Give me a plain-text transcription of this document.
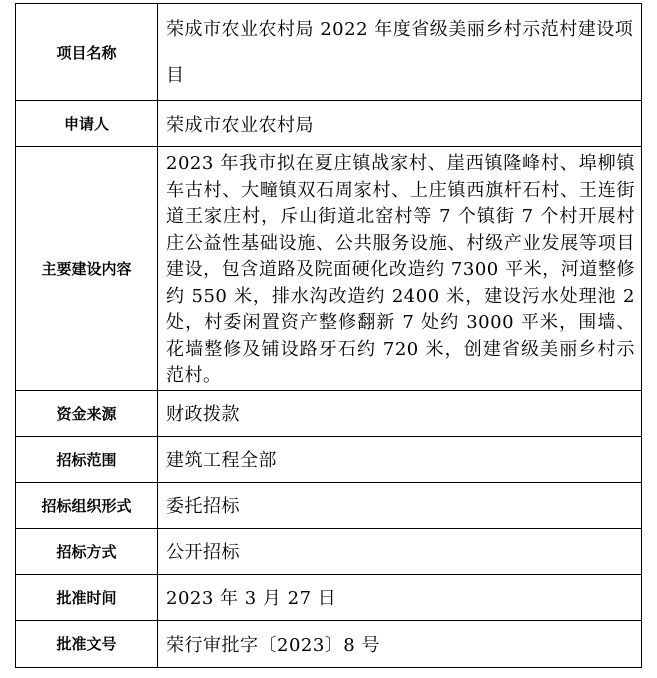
项目名称	荣成市农业农村局 2022 年度省级美丽乡村示范村建设项目

申请人	荣成市农业农村局
主要建设内容	2023 年我市拟在夏庄镇战家村、崖西镇隆峰村、埠柳镇车古村、大疃镇双石周家村、上庄镇西旗杆石村、王连街道王家庄村，斥山街道北窑村等 7 个镇街 7 个村开展村庄公益性基础设施、公共服务设施、村级产业发展等项目建设，包含道路及院面硬化改造约 7300 平米，河道整修约 550 米，排水沟改造约 2400 米，建设污水处理池 2 处，村委闲置资产整修翻新 7 处约 3000 平米，围墙、花墙整修及铺设路牙石约 720 米，创建省级美丽乡村示范村。

资金来源	财政拨款
招标范围	建筑工程全部
招标组织形式	委托招标
招标方式	公开招标
批准时间	2023 年 3 月 27 日
批准文号	荣行审批字〔2023〕8 号
